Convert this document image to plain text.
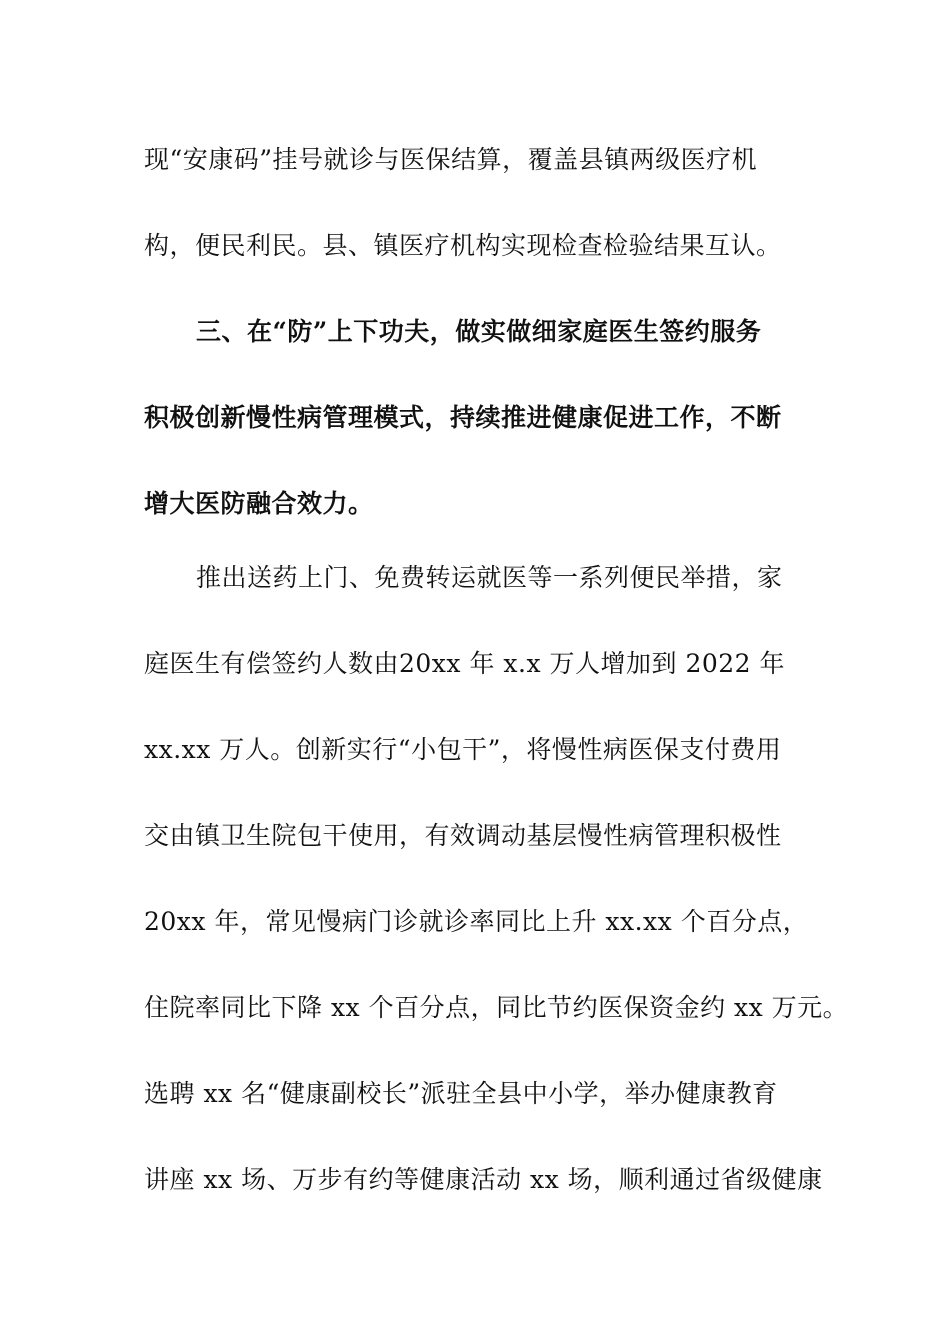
现“安康码”挂号就诊与医保结算，覆盖县镇两级医疗机
构，便民利民。县、镇医疗机构实现检查检验结果互认。
三、在“防”上下功夫，做实做细家庭医生签约服务
积极创新慢性病管理模式，持续推进健康促进工作，不断
增大医防融合效力。
推出送药上门、免费转运就医等一系列便民举措，家
庭医生有偿签约人数由20xx 年 x.x 万人增加到 2022 年
xx.xx 万人。创新实行“小包干”，将慢性病医保支付费用
交由镇卫生院包干使用，有效调动基层慢性病管理积极性
20xx 年，常见慢病门诊就诊率同比上升 xx.xx 个百分点，
住院率同比下降 xx 个百分点，同比节约医保资金约 xx 万元。
选聘 xx 名“健康副校长”派驻全县中小学，举办健康教育
讲座 xx 场、万步有约等健康活动 xx 场，顺利通过省级健康
